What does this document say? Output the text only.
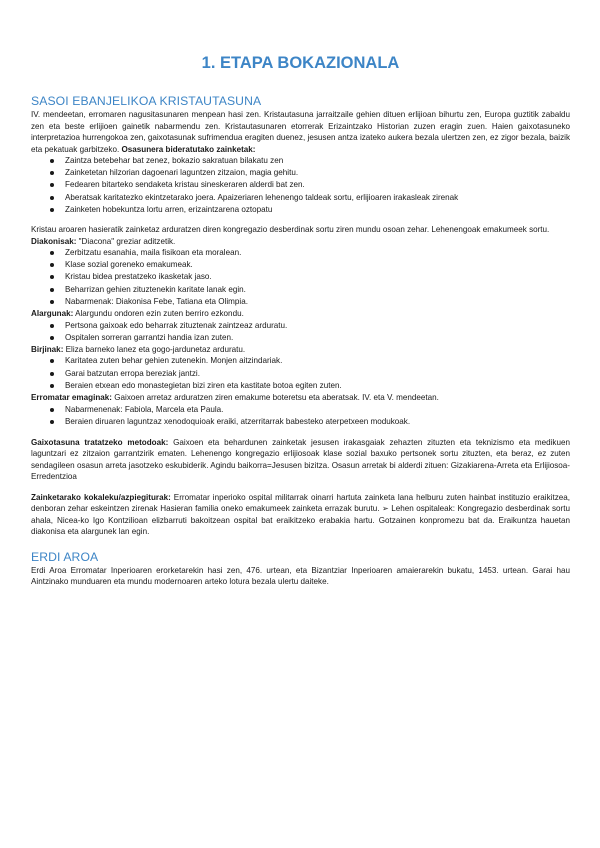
1. ETAPA BOKAZIONALA
SASOI EBANJELIKOA KRISTAUTASUNA

IV. mendeetan, erromaren nagusitasunaren menpean hasi zen. Kristautasuna jarraitzaile gehien dituen erlijioan bihurtu zen, Europa guztitik zabaldu zen eta beste erlijioen gainetik nabarmendu zen. Kristautasunaren etorrerak Erizaintzako Historian zuzen eragin zuen. Haien gaixotasuneko interpretazioa hurrengokoa zen, gaixotasunak sufrimendua eragiten duenez, jesusen antza izateko aukera bezala ulertzen zen, ez zigor bezala, baizik eta pekatuak garbitzeko. Osasunera bideratutako zainketak:

Zaintza betebehar bat zenez, bokazio sakratuan bilakatu zen
Zainketetan hilzorian dagoenari laguntzen zitzaion, magia gehitu.
Fedearen bitarteko sendaketa kristau sineskeraren alderdi bat zen.
Aberatsak karitatezko ekintzetarako joera. Apaizeriaren lehenengo taldeak sortu, erlijioaren irakasleak zirenak
Zainketen hobekuntza lortu arren, erizaintzarena oztopatu

Kristau aroaren hasieratik zainketaz arduratzen diren kongregazio desberdinak sortu ziren mundu osoan zehar. Lehenengoak emakumeek sortu.

Diakonisak: "Diacona" greziar aditzetik.

Zerbitzatu esanahia, maila fisikoan eta moralean.
Klase sozial goreneko emakumeak.
Kristau bidea prestatzeko ikasketak jaso.
Beharrizan gehien zituztenekin karitate lanak egin.
Nabarmenak: Diakonisa Febe, Tatiana eta Olimpia.

Alargunak: Alargundu ondoren ezin zuten berriro ezkondu.

Pertsona gaixoak edo beharrak zituztenak zaintzeaz arduratu.
Ospitalen sorreran garrantzi handia izan zuten.

Birjinak: Eliza barneko lanez eta gogo-jardunetaz arduratu.

Karitatea zuten behar gehien zutenekin. Monjen aitzindariak.
Garai batzutan erropa bereziak jantzi.
Beraien etxean edo monastegietan bizi ziren eta kastitate botoa egiten zuten.

Erromatar emaginak: Gaixoen arretaz arduratzen ziren emakume boteretsu eta aberatsak. IV. eta V. mendeetan.

Nabarmenenak: Fabiola, Marcela eta Paula.
Beraien diruaren laguntzaz xenodoquioak eraiki, atzerritarrak babesteko aterpetxeen modukoak.

Gaixotasuna tratatzeko metodoak: Gaixoen eta behardunen zainketak jesusen irakasgaiak zehazten zituzten eta teknizismo eta medikuen laguntzari ez zitzaion garrantzirik ematen. Lehenengo kongregazio erlijiosoak klase sozial baxuko pertsonek sortu zituzten, eta beraz, ez zuten sendagileen osasun arreta jasotzeko eskubiderik. Agindu baikorra=Jesusen bizitza. Osasun arretak bi alderdi zituen: Gizakiarena-Arreta eta Erlijiosoa-Erredentzioa

Zainketarako kokaleku/azpiegiturak: Erromatar inperioko ospital militarrak oinarri hartuta zainketa lana helburu zuten hainbat instituzio eraikitzea, denboran zehar eskeintzen zirenak Hasieran familia oneko emakumeek zainketa errazak burutu. ➢ Lehen ospitaleak: Kongregazio desberdinak sortu ahala, Nicea-ko Igo Kontzilioan elizbarruti bakoitzean ospital bat eraikitzeko erabakia hartu. Gotzainen konpromezu bat da. Eraikuntza hauetan diakonisa eta alargunek lan egin.

ERDI AROA

Erdi Aroa Erromatar Inperioaren erorketarekin hasi zen, 476. urtean, eta Bizantziar Inperioaren amaierarekin bukatu, 1453. urtean. Garai hau Aintzinako munduaren eta mundu modernoaren arteko lotura bezala ulertu daiteke.
